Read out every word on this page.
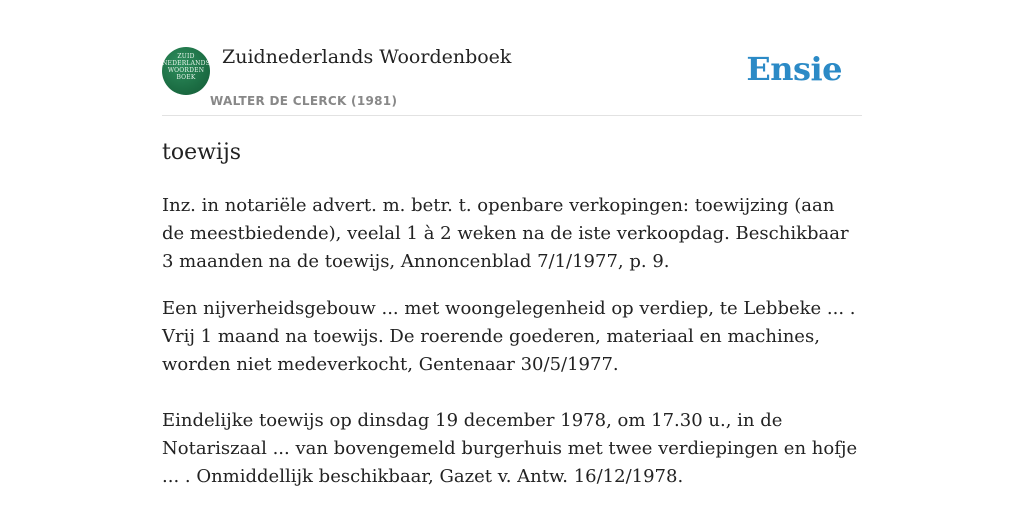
ZUID
NEDERLANDS
WOORDEN
BOEK
Zuidnederlands Woordenboek
WALTER DE CLERCK (1981)
Ensie
toewijs

Inz. in notariële advert. m. betr. t. openbare verkopingen: toewijzing (aan de meestbiedende), veelal 1 à 2 weken na de iste verkoopdag. Beschikbaar 3 maanden na de toewijs, Annoncenblad 7/1/1977, p. 9.

Een nijverheidsgebouw ... met woongelegenheid op verdiep, te Lebbeke ... . Vrij 1 maand na toewijs. De roerende goederen, materiaal en machines, worden niet medeverkocht, Gentenaar 30/5/1977.

Eindelijke toewijs op dinsdag 19 december 1978, om 17.30 u., in de Notariszaal ... van bovengemeld burgerhuis met twee verdiepingen en hofje ... . Onmiddellijk beschikbaar, Gazet v. Antw. 16/12/1978.
